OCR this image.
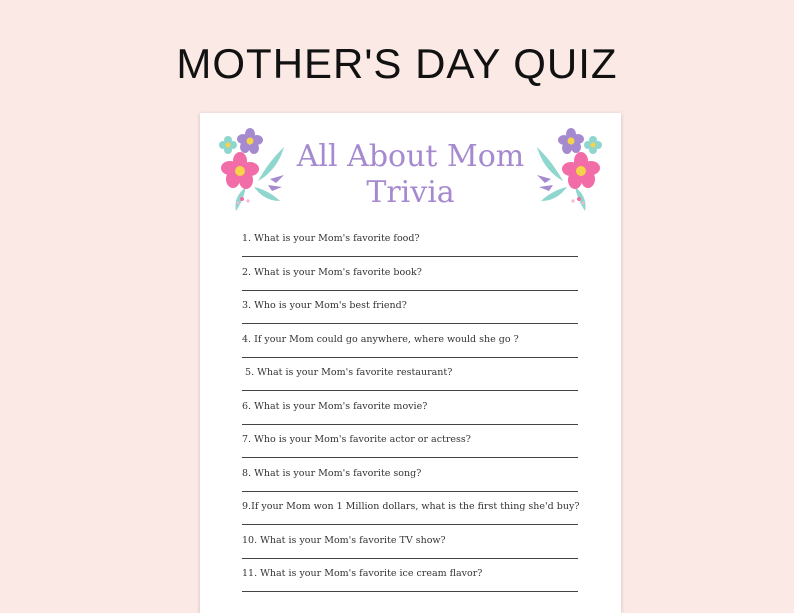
MOTHER'S DAY QUIZ
All About Mom
Trivia
1. What is your Mom's favorite food?
2. What is your Mom's favorite book?
3. Who is your Mom's best friend?
4. If your Mom could go anywhere, where would she go ?
5. What is your Mom's favorite restaurant?
6. What is your Mom's favorite movie?
7. Who is your Mom's favorite actor or actress?
8. What is your Mom's favorite song?
9.If your Mom won 1 Million dollars, what is the first thing she'd buy?
10. What is your Mom's favorite TV show?
11. What is your Mom's favorite ice cream flavor?
